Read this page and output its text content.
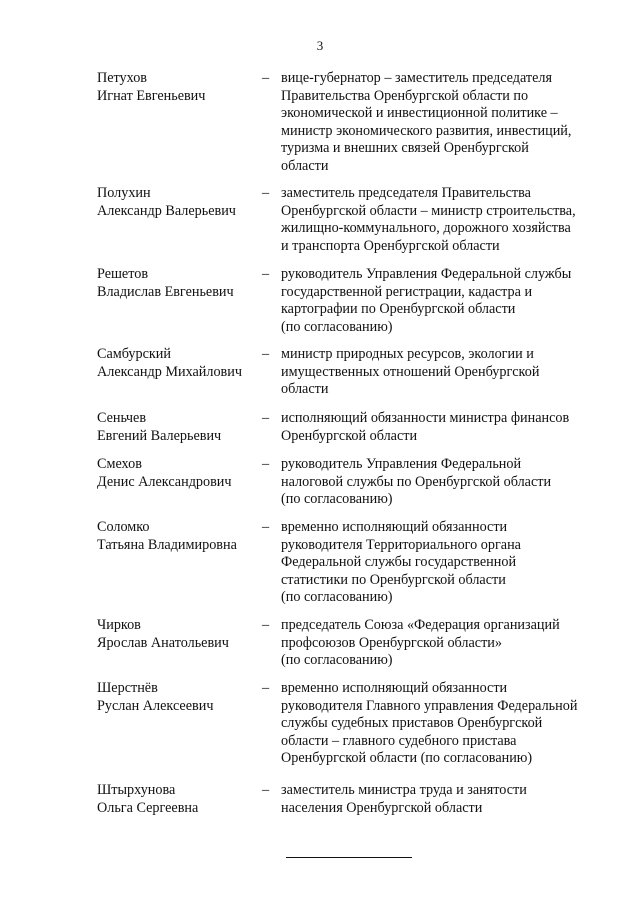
3
Петухов
Игнат Евгеньевич
– вице-губернатор – заместитель председателя
Правительства Оренбургской области по
экономической и инвестиционной политике –
министр экономического развития, инвестиций,
туризма и внешних связей Оренбургской
области
Полухин
Александр Валерьевич
– заместитель председателя Правительства
Оренбургской области – министр строительства,
жилищно-коммунального, дорожного хозяйства
и транспорта Оренбургской области
Решетов
Владислав Евгеньевич
– руководитель Управления Федеральной службы
государственной регистрации, кадастра и
картографии по Оренбургской области
(по согласованию)
Самбурский
Александр Михайлович
– министр природных ресурсов, экологии и
имущественных отношений Оренбургской
области
Сеньчев
Евгений Валерьевич
– исполняющий обязанности министра финансов
Оренбургской области
Смехов
Денис Александрович
– руководитель Управления Федеральной
налоговой службы по Оренбургской области
(по согласованию)
Соломко
Татьяна Владимировна
– временно исполняющий обязанности
руководителя Территориального органа
Федеральной службы государственной
статистики по Оренбургской области
(по согласованию)
Чирков
Ярослав Анатольевич
– председатель Союза «Федерация организаций
профсоюзов Оренбургской области»
(по согласованию)
Шерстнёв
Руслан Алексеевич
– временно исполняющий обязанности
руководителя Главного управления Федеральной
службы судебных приставов Оренбургской
области – главного судебного пристава
Оренбургской области (по согласованию)
Штырхунова
Ольга Сергеевна
– заместитель министра труда и занятости
населения Оренбургской области
